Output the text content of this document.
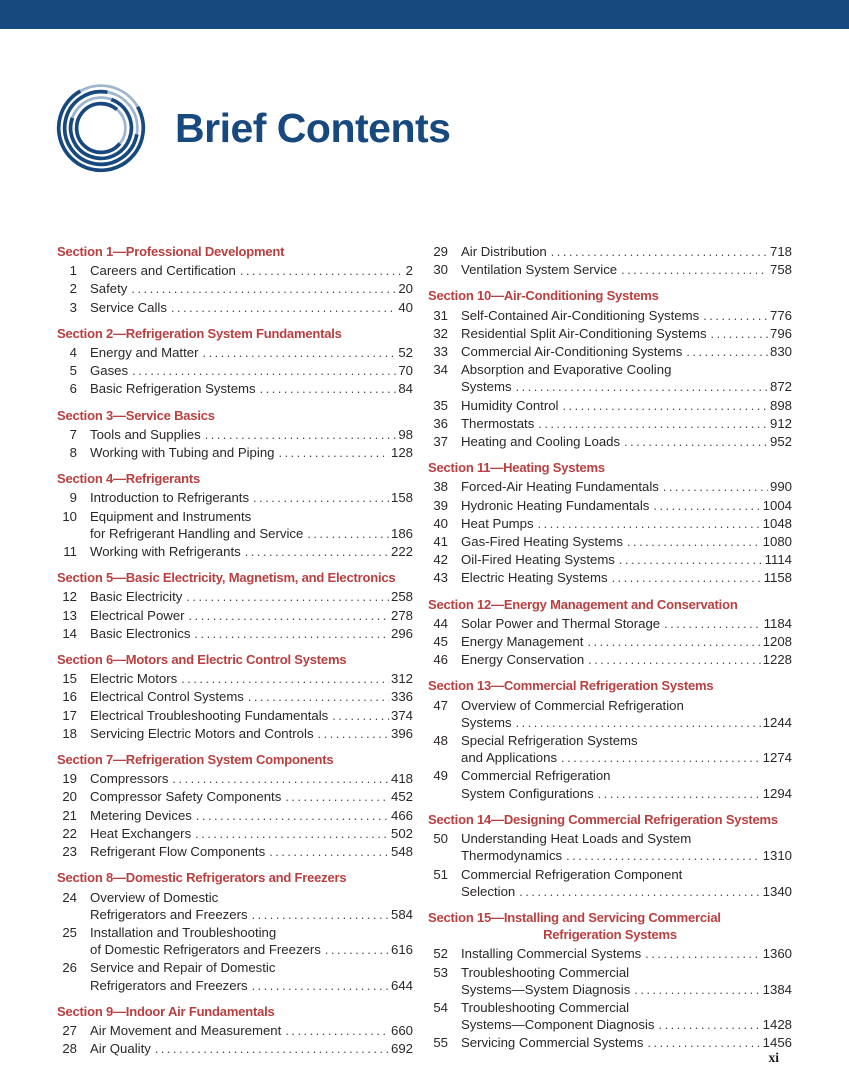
Brief Contents
Section 1—Professional Development
1 Careers and Certification .....	2
2 Safety .....	20
3 Service Calls .....	40
Section 2—Refrigeration System Fundamentals
4 Energy and Matter .....	52
5 Gases .....	70
6 Basic Refrigeration Systems .....	84
Section 3—Service Basics
7 Tools and Supplies .....	98
8 Working with Tubing and Piping .....	128
Section 4—Refrigerants
9 Introduction to Refrigerants .....	158
10 Equipment and Instruments
for Refrigerant Handling and Service .....	186
11 Working with Refrigerants .....	222
Section 5—Basic Electricity, Magnetism, and Electronics
12 Basic Electricity .....	258
13 Electrical Power .....	278
14 Basic Electronics .....	296
Section 6—Motors and Electric Control Systems
15 Electric Motors .....	312
16 Electrical Control Systems .....	336
17 Electrical Troubleshooting Fundamentals .....	374
18 Servicing Electric Motors and Controls .....	396
Section 7—Refrigeration System Components
19 Compressors .....	418
20 Compressor Safety Components .....	452
21 Metering Devices .....	466
22 Heat Exchangers .....	502
23 Refrigerant Flow Components .....	548
Section 8—Domestic Refrigerators and Freezers
24 Overview of Domestic
Refrigerators and Freezers .....	584
25 Installation and Troubleshooting
of Domestic Refrigerators and Freezers .....	616
26 Service and Repair of Domestic
Refrigerators and Freezers .....	644
Section 9—Indoor Air Fundamentals
27 Air Movement and Measurement .....	660
28 Air Quality .....	692
29 Air Distribution .....	718
30 Ventilation System Service .....	758
Section 10—Air-Conditioning Systems
31 Self-Contained Air-Conditioning Systems .....	776
32 Residential Split Air-Conditioning Systems .....	796
33 Commercial Air-Conditioning Systems .....	830
34 Absorption and Evaporative Cooling
Systems .....	872
35 Humidity Control .....	898
36 Thermostats .....	912
37 Heating and Cooling Loads .....	952
Section 11—Heating Systems
38 Forced-Air Heating Fundamentals .....	990
39 Hydronic Heating Fundamentals .....	1004
40 Heat Pumps .....	1048
41 Gas-Fired Heating Systems .....	1080
42 Oil-Fired Heating Systems .....	1114
43 Electric Heating Systems .....	1158
Section 12—Energy Management and Conservation
44 Solar Power and Thermal Storage .....	1184
45 Energy Management .....	1208
46 Energy Conservation .....	1228
Section 13—Commercial Refrigeration Systems
47 Overview of Commercial Refrigeration
Systems .....	1244
48 Special Refrigeration Systems
and Applications .....	1274
49 Commercial Refrigeration
System Configurations .....	1294
Section 14—Designing Commercial Refrigeration Systems
50 Understanding Heat Loads and System
Thermodynamics .....	1310
51 Commercial Refrigeration Component
Selection .....	1340
Section 15—Installing and Servicing Commercial
Refrigeration Systems
52 Installing Commercial Systems .....	1360
53 Troubleshooting Commercial
Systems—System Diagnosis .....	1384
54 Troubleshooting Commercial
Systems—Component Diagnosis .....	1428
55 Servicing Commercial Systems .....	1456
xi
